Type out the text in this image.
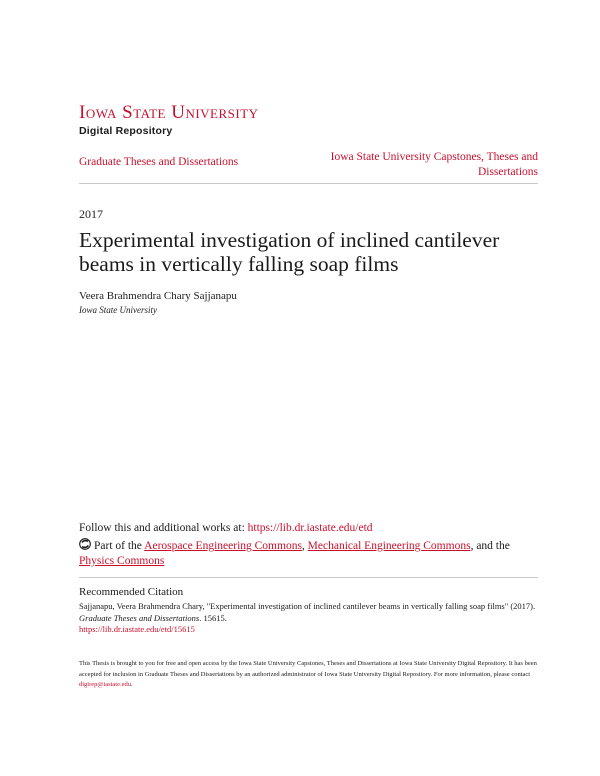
Iowa State University
Digital Repository
Graduate Theses and Dissertations	Iowa State University Capstones, Theses and Dissertations
2017
Experimental investigation of inclined cantilever beams in vertically falling soap films
Veera Brahmendra Chary Sajjanapu
Iowa State University
Follow this and additional works at: https://lib.dr.iastate.edu/etd
Part of the Aerospace Engineering Commons, Mechanical Engineering Commons, and the
Physics Commons
Recommended Citation
Sajjanapu, Veera Brahmendra Chary, "Experimental investigation of inclined cantilever beams in vertically falling soap films" (2017).
Graduate Theses and Dissertations. 15615.
https://lib.dr.iastate.edu/etd/15615
This Thesis is brought to you for free and open access by the Iowa State University Capstones, Theses and Dissertations at Iowa State University Digital Repository. It has been accepted for inclusion in Graduate Theses and Dissertations by an authorized administrator of Iowa State University Digital Repository. For more information, please contact digirep@iastate.edu.
